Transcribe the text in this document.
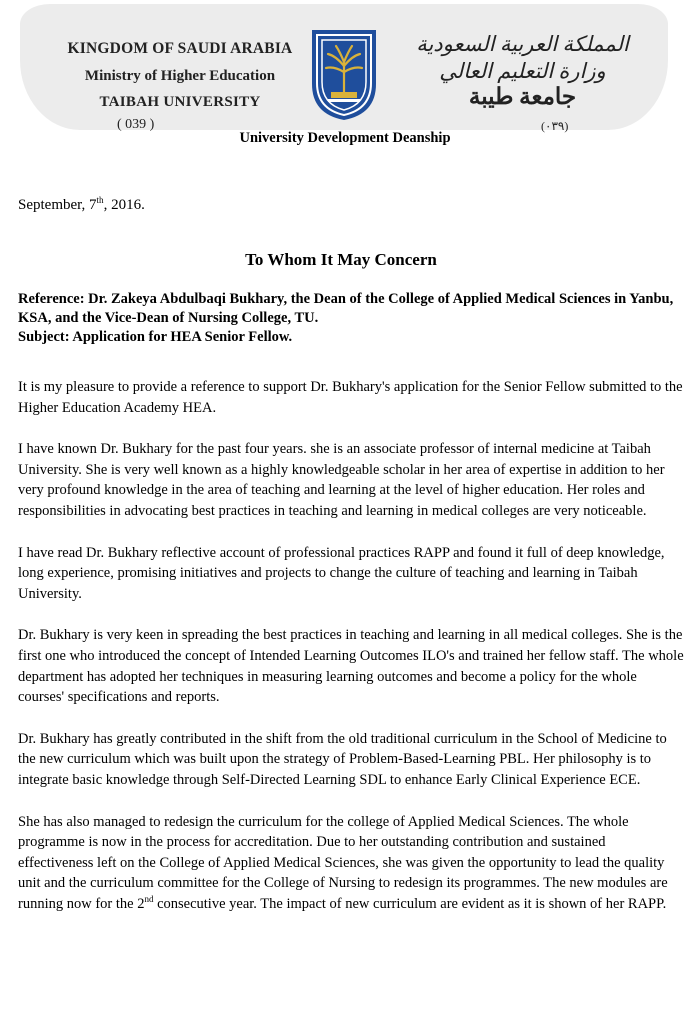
KINGDOM OF SAUDI ARABIA
Ministry of Higher Education
TAIBAH UNIVERSITY
المملكة العربية السعودية
وزارة التعليم العالي
جامعة طيبة
( 039 )	(٠٣٩)
University Development Deanship
September, 7th, 2016.
To Whom It May Concern
Reference: Dr. Zakeya Abdulbaqi Bukhary, the Dean of the College of Applied Medical Sciences in Yanbu, KSA, and the Vice-Dean of Nursing College, TU.
Subject: Application for HEA Senior Fellow.

It is my pleasure to provide a reference to support Dr. Bukhary's application for the Senior Fellow submitted to the Higher Education Academy HEA.

I have known Dr. Bukhary for the past four years. she is an associate professor of internal medicine at Taibah University. She is very well known as a highly knowledgeable scholar in her area of expertise in addition to her very profound knowledge in the area of teaching and learning at the level of higher education. Her roles and responsibilities in advocating best practices in teaching and learning in medical colleges are very noticeable.

I have read Dr. Bukhary reflective account of professional practices RAPP and found it full of deep knowledge, long experience, promising initiatives and projects to change the culture of teaching and learning in Taibah University.

Dr. Bukhary is very keen in spreading the best practices in teaching and learning in all medical colleges. She is the first one who introduced the concept of Intended Learning Outcomes ILO's and trained her fellow staff. The whole department has adopted her techniques in measuring learning outcomes and become a policy for the whole courses' specifications and reports.

Dr. Bukhary has greatly contributed in the shift from the old traditional curriculum in the School of Medicine to the new curriculum which was built upon the strategy of Problem-Based-Learning PBL. Her philosophy is to integrate basic knowledge through Self-Directed Learning SDL to enhance Early Clinical Experience ECE.

She has also managed to redesign the curriculum for the college of Applied Medical Sciences. The whole programme is now in the process for accreditation. Due to her outstanding contribution and sustained effectiveness left on the College of Applied Medical Sciences, she was given the opportunity to lead the quality unit and the curriculum committee for the College of Nursing to redesign its programmes. The new modules are running now for the 2nd consecutive year. The impact of new curriculum are evident as it is shown of her RAPP.
